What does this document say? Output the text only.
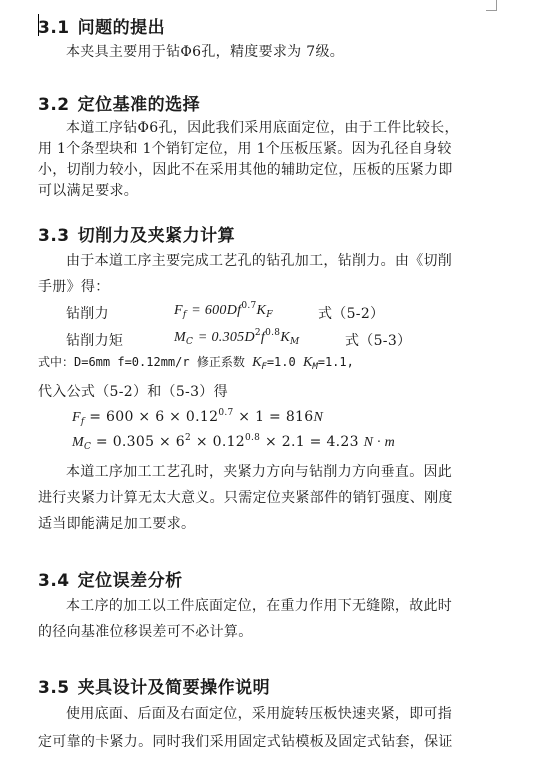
3.1 问题的提出

本夹具主要用于钻Φ6孔，精度要求为 7级。

3.2 定位基准的选择

本道工序钻Φ6孔，因此我们采用底面定位，由于工件比较长，

用 1个条型块和 1个销钉定位，用 1个压板压紧。因为孔径自身较

小，切削力较小，因此不在采用其他的辅助定位，压板的压紧力即

可以满足要求。

3.3 切削力及夹紧力计算

由于本道工序主要完成工艺孔的钻孔加工，钻削力。由《切削

手册》得：

钻削力	$F_f = 600Df^{0.7}K_F$	式（5-2）
钻削力矩	$M_C = 0.305D^2f^{0.8}K_M$	式（5-3）
式中：D=6mm f=0.12mm/r 修正系数 $K_F=1.0$ $K_M=1.1$,

代入公式（5-2）和（5-3）得

$F_f = 600 \times 6 \times 0.12^{0.7} \times 1 = 816N$
$M_C = 0.305 \times 6^2 \times 0.12^{0.8} \times 2.1 = 4.23$ N · m

本道工序加工工艺孔时，夹紧力方向与钻削力方向垂直。因此

进行夹紧力计算无太大意义。只需定位夹紧部件的销钉强度、刚度

适当即能满足加工要求。

3.4 定位误差分析

本工序的加工以工件底面定位，在重力作用下无缝隙，故此时

的径向基准位移误差可不必计算。

3.5 夹具设计及简要操作说明

使用底面、后面及右面定位，采用旋转压板快速夹紧，即可指

定可靠的卡紧力。同时我们采用固定式钻模板及固定式钻套，保证
